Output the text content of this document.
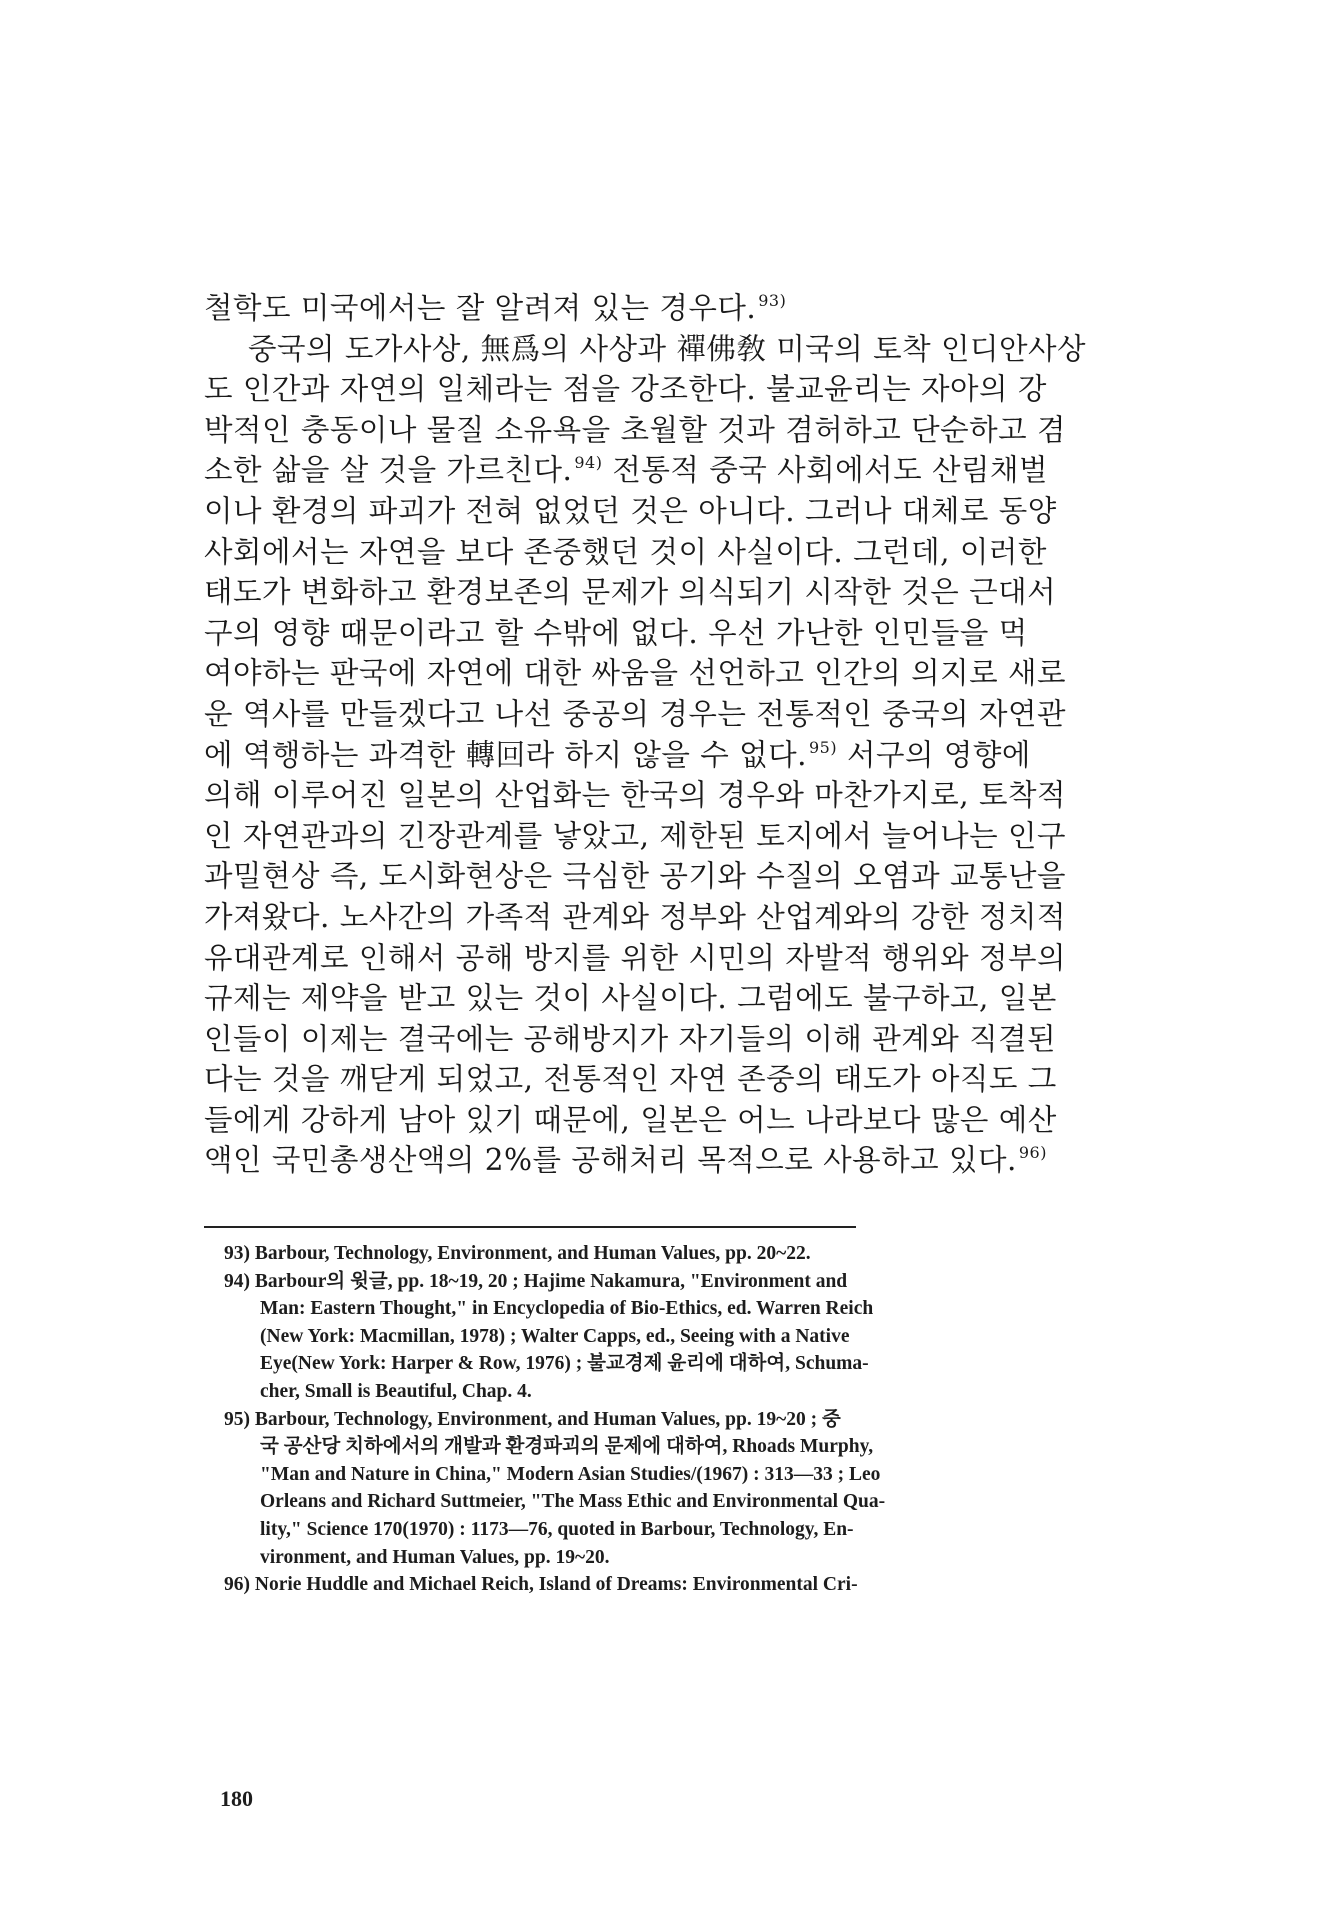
철학도 미국에서는 잘 알려져 있는 경우다. $^{93)}$
중국의 도가사상, 無爲의 사상과 禪佛敎 미국의 토착 인디안사상
도 인간과 자연의 일체라는 점을 강조한다. 불교윤리는 자아의 강
박적인 충동이나 물질 소유욕을 초월할 것과 겸허하고 단순하고 겸
소한 삶을 살 것을 가르친다. $^{94)}$ 전통적 중국 사회에서도 산림채벌
이나 환경의 파괴가 전혀 없었던 것은 아니다. 그러나 대체로 동양
사회에서는 자연을 보다 존중했던 것이 사실이다. 그런데, 이러한
태도가 변화하고 환경보존의 문제가 의식되기 시작한 것은 근대서
구의 영향 때문이라고 할 수밖에 없다. 우선 가난한 인민들을 먹
여야하는 판국에 자연에 대한 싸움을 선언하고 인간의 의지로 새로
운 역사를 만들겠다고 나선 중공의 경우는 전통적인 중국의 자연관
에 역행하는 과격한 轉回라 하지 않을 수 없다. $^{95)}$ 서구의 영향에
의해 이루어진 일본의 산업화는 한국의 경우와 마찬가지로, 토착적
인 자연관과의 긴장관계를 낳았고, 제한된 토지에서 늘어나는 인구
과밀현상 즉, 도시화현상은 극심한 공기와 수질의 오염과 교통난을
가져왔다. 노사간의 가족적 관계와 정부와 산업계와의 강한 정치적
유대관계로 인해서 공해 방지를 위한 시민의 자발적 행위와 정부의
규제는 제약을 받고 있는 것이 사실이다. 그럼에도 불구하고, 일본
인들이 이제는 결국에는 공해방지가 자기들의 이해 관계와 직결된
다는 것을 깨닫게 되었고, 전통적인 자연 존중의 태도가 아직도 그
들에게 강하게 남아 있기 때문에, 일본은 어느 나라보다 많은 예산
액인 국민총생산액의 2%를 공해처리 목적으로 사용하고 있다. $^{96)}$
93) Barbour, Technology, Environment, and Human Values, pp. 20~22.
94) Barbour의 윗글, pp. 18~19, 20 ; Hajime Nakamura, "Environment and
Man: Eastern Thought," in Encyclopedia of Bio-Ethics, ed. Warren Reich
(New York: Macmillan, 1978) ; Walter Capps, ed., Seeing with a Native
Eye(New York: Harper & Row, 1976) ; 불교경제 윤리에 대하여, Schuma-
cher, Small is Beautiful, Chap. 4.
95) Barbour, Technology, Environment, and Human Values, pp. 19~20 ; 중
국 공산당 치하에서의 개발과 환경파괴의 문제에 대하여, Rhoads Murphy,
"Man and Nature in China," Modern Asian Studies/(1967) : 313—33 ; Leo
Orleans and Richard Suttmeier, "The Mass Ethic and Environmental Qua-
lity," Science 170(1970) : 1173—76, quoted in Barbour, Technology, En-
vironment, and Human Values, pp. 19~20.
96) Norie Huddle and Michael Reich, Island of Dreams: Environmental Cri-
180
